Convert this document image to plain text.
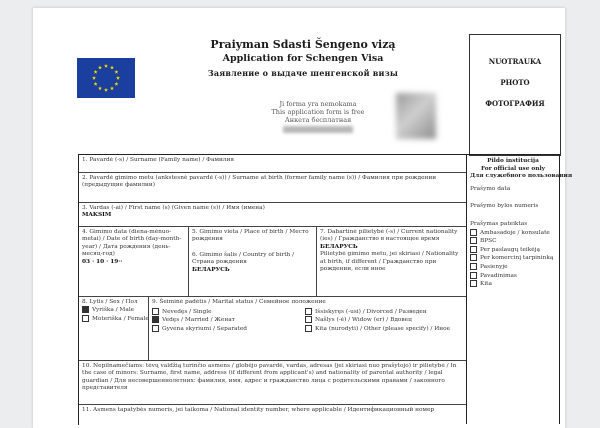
Praiyman Sdasti Šengeno vizą
Application for Schengen Visa
Заявление о выдаче шенгенской визы
Ji forma yra nemokama
This application form is free
Анкета бесплатная
NUOTRAUKA
PHOTO
ФОТОГРАФИЯ
1. Pavardė (-s) / Surname (Family name) / Фамилия
2. Pavardė gimimo metu (ankstesnė pavardė (-s)) / Surname at birth (former family name (s)) / Фамилия при рождении (предыдущие фамилии)
3. Vardas (-ai) / First name (s) (Given name (s)) / Имя (имена)
MAKSIM
4. Gimimo data (diena-mėnuo-metai) / Date of birth (day-month-year) / Дата рождения (день-месяц-год)
03 · 10 · 19··
5. Gimimo vieta / Place of birth / Место рождения
6. Gimimo šalis / Country of birth / Страна рождения
БЕЛАРУСЬ
7. Dabartinė pilietybė (-s) / Current nationality (ies) / Гражданство в настоящее время
БЕЛАРУСЬ
Pilietybė gimimo metu, jei skiriasi / Nationality at birth, if different / Гражданство при рождении, если иное
8. Lytis / Sex / Пол
Vyriška / Male
Moteriška / Female
9. Šeiminė padėtis / Marital status / Семейное положение
Nevedęs / Single
Vedęs / Married / Женат
Gyvena skyriumi / Separated
Išsiskyręs (-usi) / Divorced / Разведен
Našlys (-ė) / Widow (er) / Вдовец
Kita (nurodyti) / Other (please specify) / Иное
10. Nepilnamečiams: tėvų valdžią turinčio asmens / globėjo pavardė, vardas, adresas (jei skiriasi nuo prašytojo) ir pilietybė / In the case of minors: Surname, first name, address (if different from applicant's) and nationality of parental authority / legal guardian / Для несовершеннолетних: фамилия, имя, адрес и гражданство лица с родительскими правами / законного представителя
11. Asmens tapatybės numeris, jei taikoma / National identity number, where applicable / Идентификационный номер
Pildo institucija
For official use only
Для служебного пользования
Prašymo data
Prašymo bylos numeris
Prašymas pateiktas
Ambasadoje / konsulate
BPSC
Per paslaugų teikėją
Per komercinį tarpininką
Pasienyje
Pavadinimas
Kita
